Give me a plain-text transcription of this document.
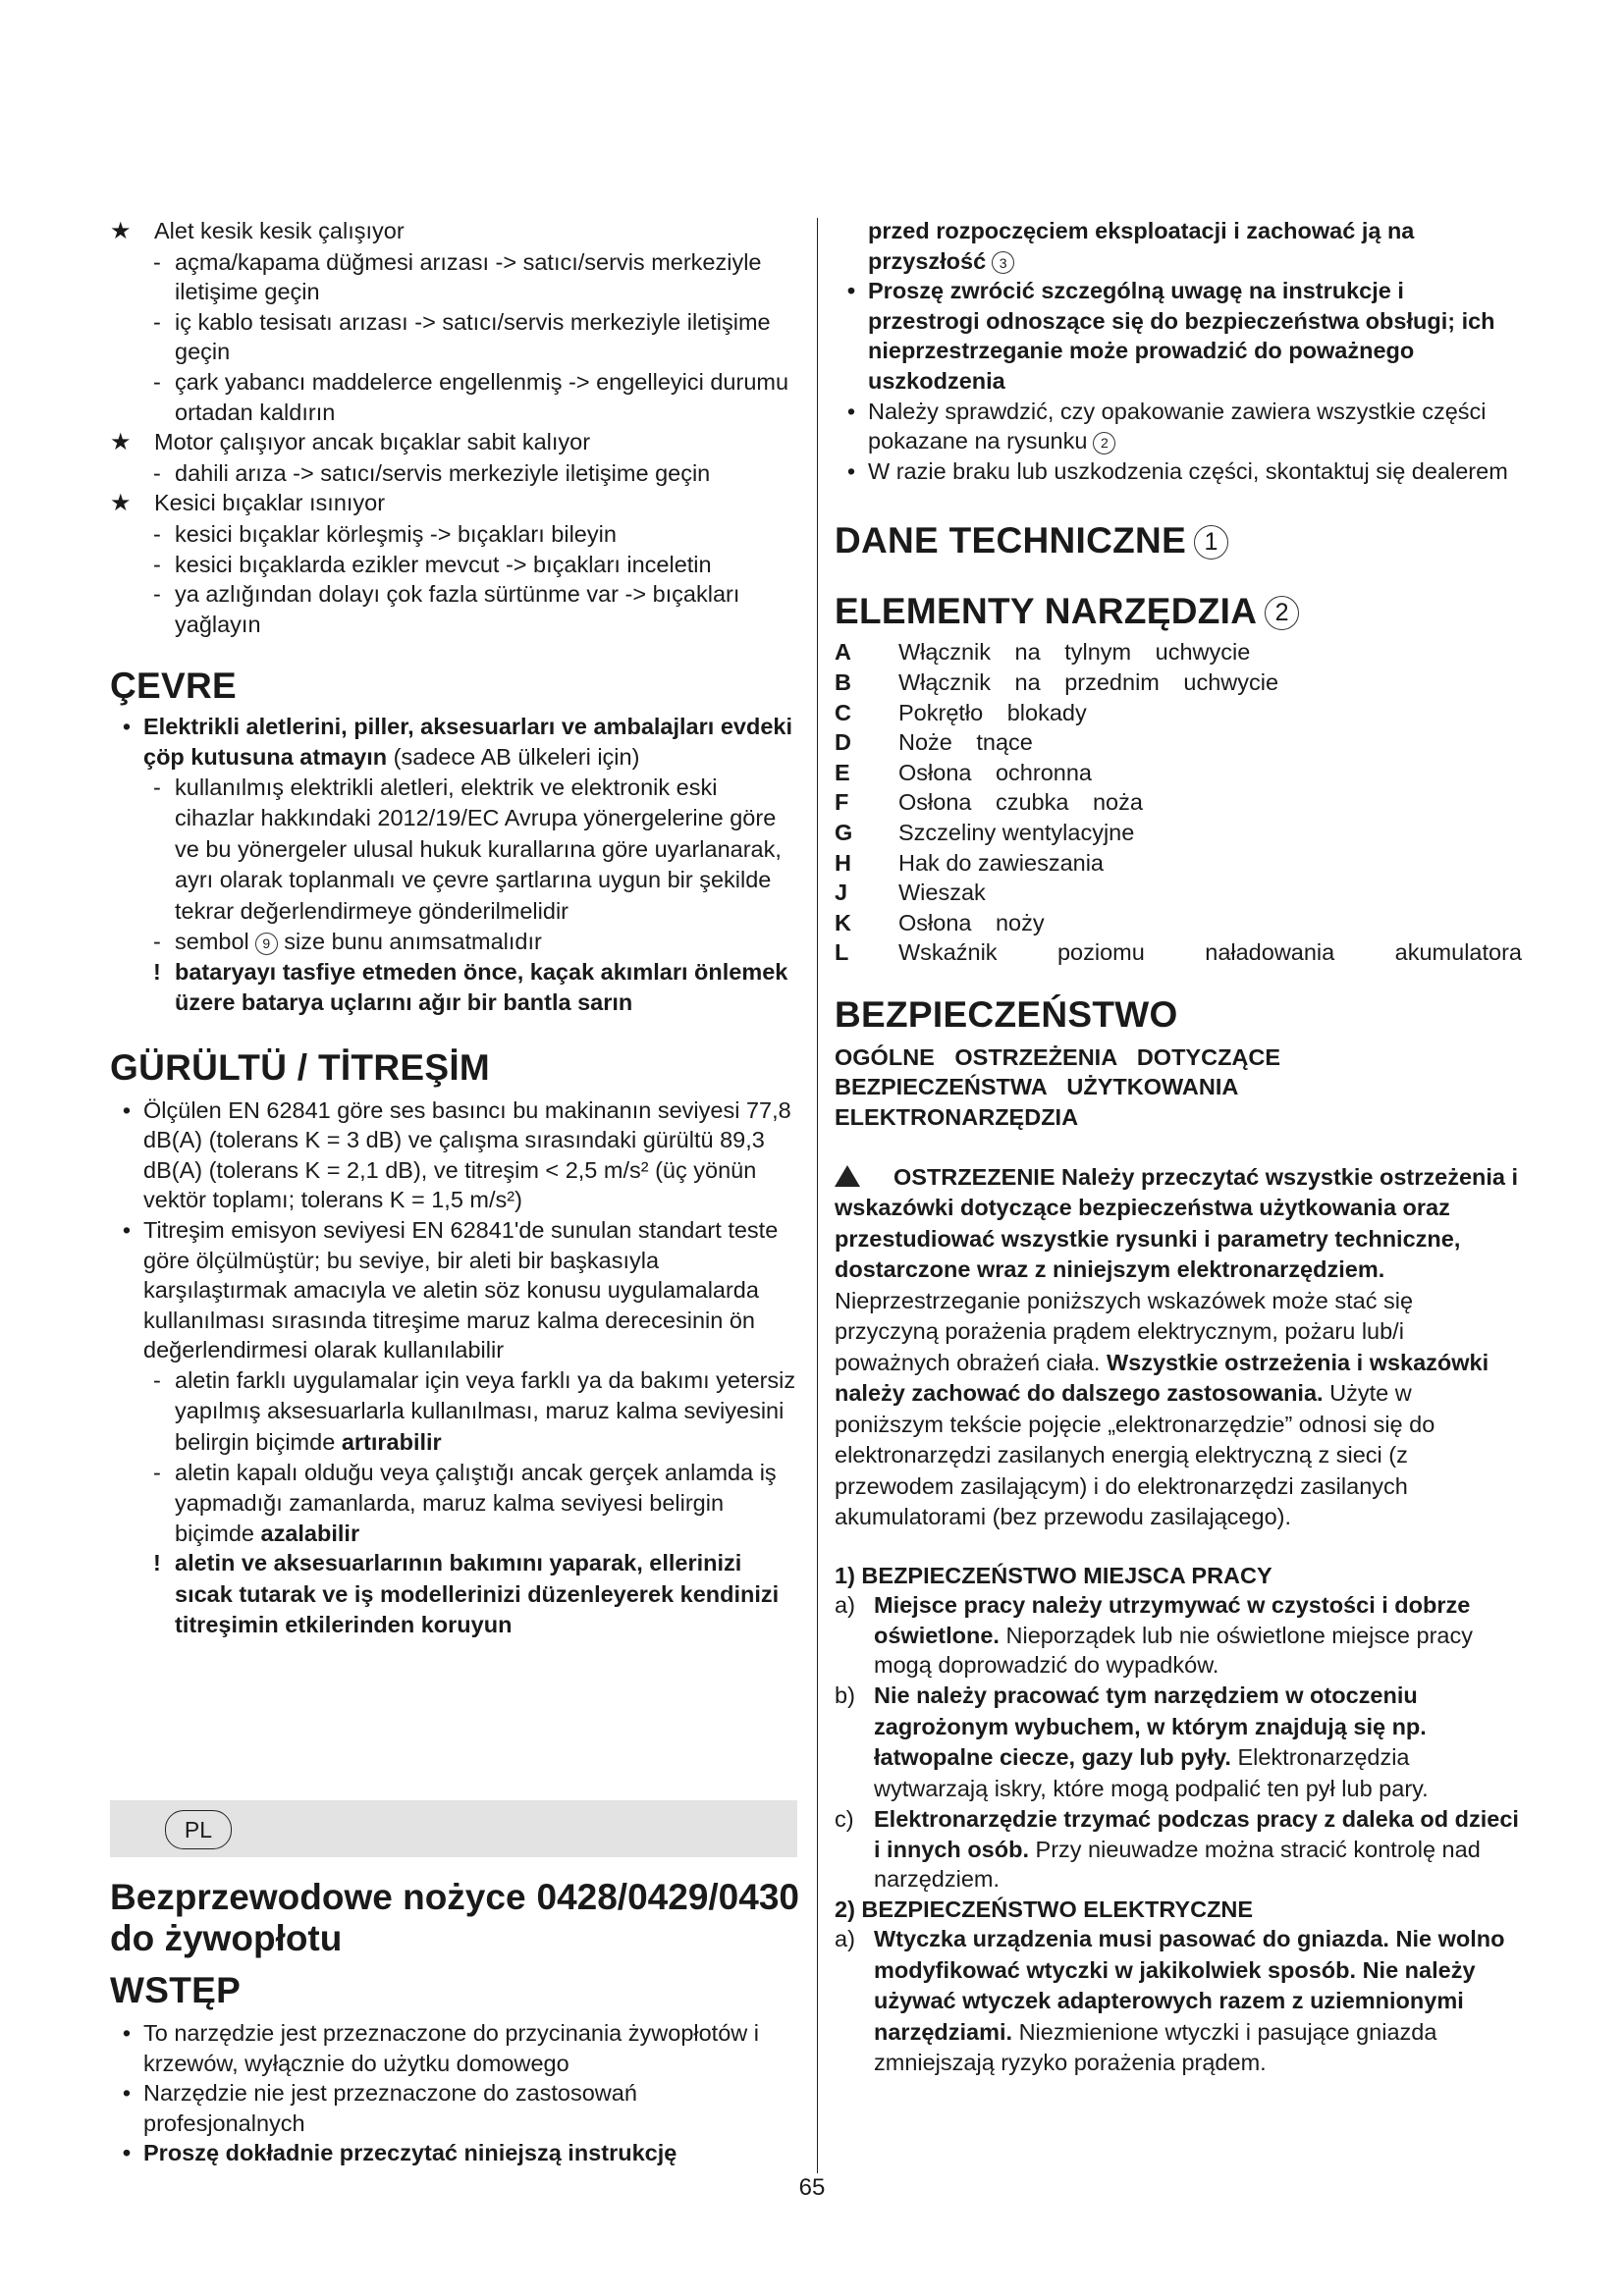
★ Alet kesik kesik çalışıyor

- açma/kapama düğmesi arızası -> satıcı/servis merkeziyle iletişime geçin

- iç kablo tesisatı arızası -> satıcı/servis merkeziyle iletişime geçin

- çark yabancı maddelerce engellenmiş -> engelleyici durumu ortadan kaldırın

★ Motor çalışıyor ancak bıçaklar sabit kalıyor

- dahili arıza -> satıcı/servis merkeziyle iletişime geçin

★ Kesici bıçaklar ısınıyor

- kesici bıçaklar körleşmiş -> bıçakları bileyin

- kesici bıçaklarda ezikler mevcut -> bıçakları inceletin

- ya azlığından dolayı çok fazla sürtünme var -> bıçakları yağlayın

ÇEVRE

• Elektrikli aletlerini, piller, aksesuarları ve ambalajları evdeki çöp kutusuna atmayın (sadece AB ülkeleri için)

- kullanılmış elektrikli aletleri, elektrik ve elektronik eski cihazlar hakkındaki 2012/19/EC Avrupa yönergelerine göre ve bu yönergeler ulusal hukuk kurallarına göre uyarlanarak, ayrı olarak toplanmalı ve çevre şartlarına uygun bir şekilde tekrar değerlendirmeye gönderilmelidir

- sembol 9 size bunu anımsatmalıdır

! bataryayı tasfiye etmeden önce, kaçak akımları önlemek üzere batarya uçlarını ağır bir bantla sarın

GÜRÜLTÜ / TİTREŞİM

• Ölçülen EN 62841 göre ses basıncı bu makinanın seviyesi 77,8 dB(A) (tolerans K = 3 dB) ve çalışma sırasındaki gürültü 89,3 dB(A) (tolerans K = 2,1 dB), ve titreşim < 2,5 m/s² (üç yönün vektör toplamı; tolerans K = 1,5 m/s²)

• Titreşim emisyon seviyesi EN 62841'de sunulan standart teste göre ölçülmüştür; bu seviye, bir aleti bir başkasıyla karşılaştırmak amacıyla ve aletin söz konusu uygulamalarda kullanılması sırasında titreşime maruz kalma derecesinin ön değerlendirmesi olarak kullanılabilir

- aletin farklı uygulamalar için veya farklı ya da bakımı yetersiz yapılmış aksesuarlarla kullanılması, maruz kalma seviyesini belirgin biçimde artırabilir

- aletin kapalı olduğu veya çalıştığı ancak gerçek anlamda iş yapmadığı zamanlarda, maruz kalma seviyesi belirgin biçimde azalabilir

! aletin ve aksesuarlarının bakımını yaparak, ellerinizi sıcak tutarak ve iş modellerinizi düzenleyerek kendinizi titreşimin etkilerinden koruyun

PL
Bezprzewodowe nożyce do żywopłotu
0428/0429/0430
WSTĘP

• To narzędzie jest przeznaczone do przycinania żywopłotów i krzewów, wyłącznie do użytku domowego

• Narzędzie nie jest przeznaczone do zastosowań profesjonalnych

• Proszę dokładnie przeczytać niniejszą instrukcję

przed rozpoczęciem eksploatacji i zachować ją na przyszłość 3

• Proszę zwrócić szczególną uwagę na instrukcje i przestrogi odnoszące się do bezpieczeństwa obsługi; ich nieprzestrzeganie może prowadzić do poważnego uszkodzenia

• Należy sprawdzić, czy opakowanie zawiera wszystkie części pokazane na rysunku 2

• W razie braku lub uszkodzenia części, skontaktuj się dealerem

DANE TECHNICZNE 1
ELEMENTY NARZĘDZIA 2
A	Włącznik na tylnym uchwycie
B	Włącznik na przednim uchwycie
C	Pokrętło blokady
D	Noże tnące
E	Osłona ochronna
F	Osłona czubka noża
G	Szczeliny wentylacyjne
H	Hak do zawieszania
J	Wieszak
K	Osłona noży
L	Wskaźnik poziomu naładowania akumulatora
BEZPIECZEŃSTWO

OGÓLNE OSTRZEŻENIA DOTYCZĄCE BEZPIECZEŃSTWA UŻYTKOWANIA ELEKTRONARZĘDZIA

OSTRZEZENIE Należy przeczytać wszystkie ostrzeżenia i wskazówki dotyczące bezpieczeństwa użytkowania oraz przestudiować wszystkie rysunki i parametry techniczne, dostarczone wraz z niniejszym elektronarzędziem. Nieprzestrzeganie poniższych wskazówek może stać się przyczyną porażenia prądem elektrycznym, pożaru lub/i poważnych obrażeń ciała. Wszystkie ostrzeżenia i wskazówki należy zachować do dalszego zastosowania. Użyte w poniższym tekście pojęcie „elektronarzędzie” odnosi się do elektronarzędzi zasilanych energią elektryczną z sieci (z przewodem zasilającym) i do elektronarzędzi zasilanych akumulatorami (bez przewodu zasilającego).

1) BEZPIECZEŃSTWO MIEJSCA PRACY

a) Miejsce pracy należy utrzymywać w czystości i dobrze oświetlone. Nieporządek lub nie oświetlone miejsce pracy mogą doprowadzić do wypadków.

b) Nie należy pracować tym narzędziem w otoczeniu zagrożonym wybuchem, w którym znajdują się np. łatwopalne ciecze, gazy lub pyły. Elektronarzędzia wytwarzają iskry, które mogą podpalić ten pył lub pary.

c) Elektronarzędzie trzymać podczas pracy z daleka od dzieci i innych osób. Przy nieuwadze można stracić kontrolę nad narzędziem.

2) BEZPIECZEŃSTWO ELEKTRYCZNE

a) Wtyczka urządzenia musi pasować do gniazda. Nie wolno modyfikować wtyczki w jakikolwiek sposób. Nie należy używać wtyczek adapterowych razem z uziemnionymi narzędziami. Niezmienione wtyczki i pasujące gniazda zmniejszają ryzyko porażenia prądem.

65
